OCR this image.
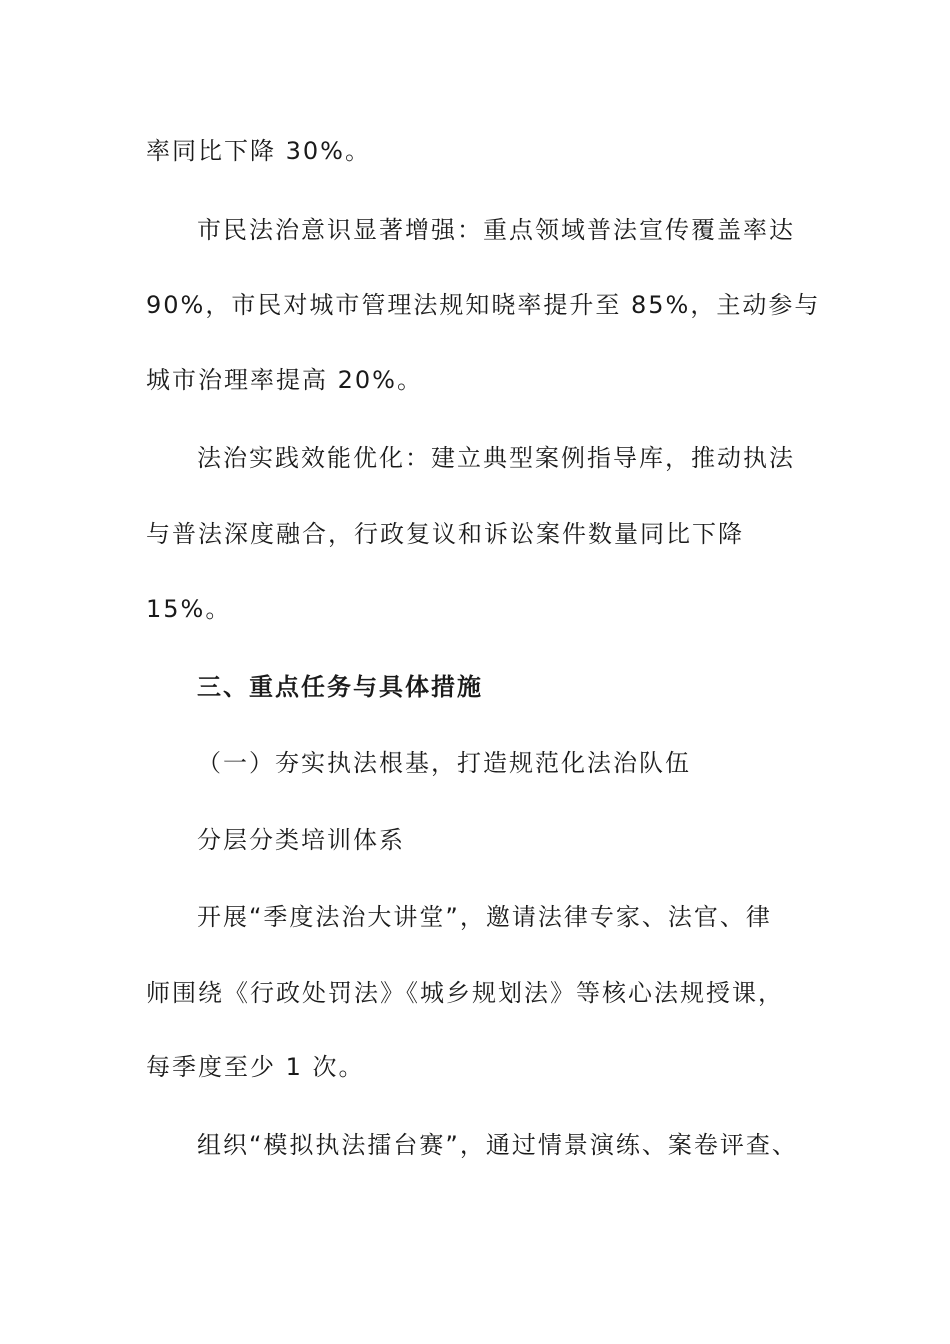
率同比下降 30%。
市民法治意识显著增强：重点领域普法宣传覆盖率达
90%，市民对城市管理法规知晓率提升至 85%，主动参与
城市治理率提高 20%。
法治实践效能优化：建立典型案例指导库，推动执法
与普法深度融合，行政复议和诉讼案件数量同比下降
15%。
三、重点任务与具体措施
（一）夯实执法根基，打造规范化法治队伍
分层分类培训体系
开展“季度法治大讲堂”，邀请法律专家、法官、律
师围绕《行政处罚法》《城乡规划法》等核心法规授课，
每季度至少 1 次。
组织“模拟执法擂台赛”，通过情景演练、案卷评查、
